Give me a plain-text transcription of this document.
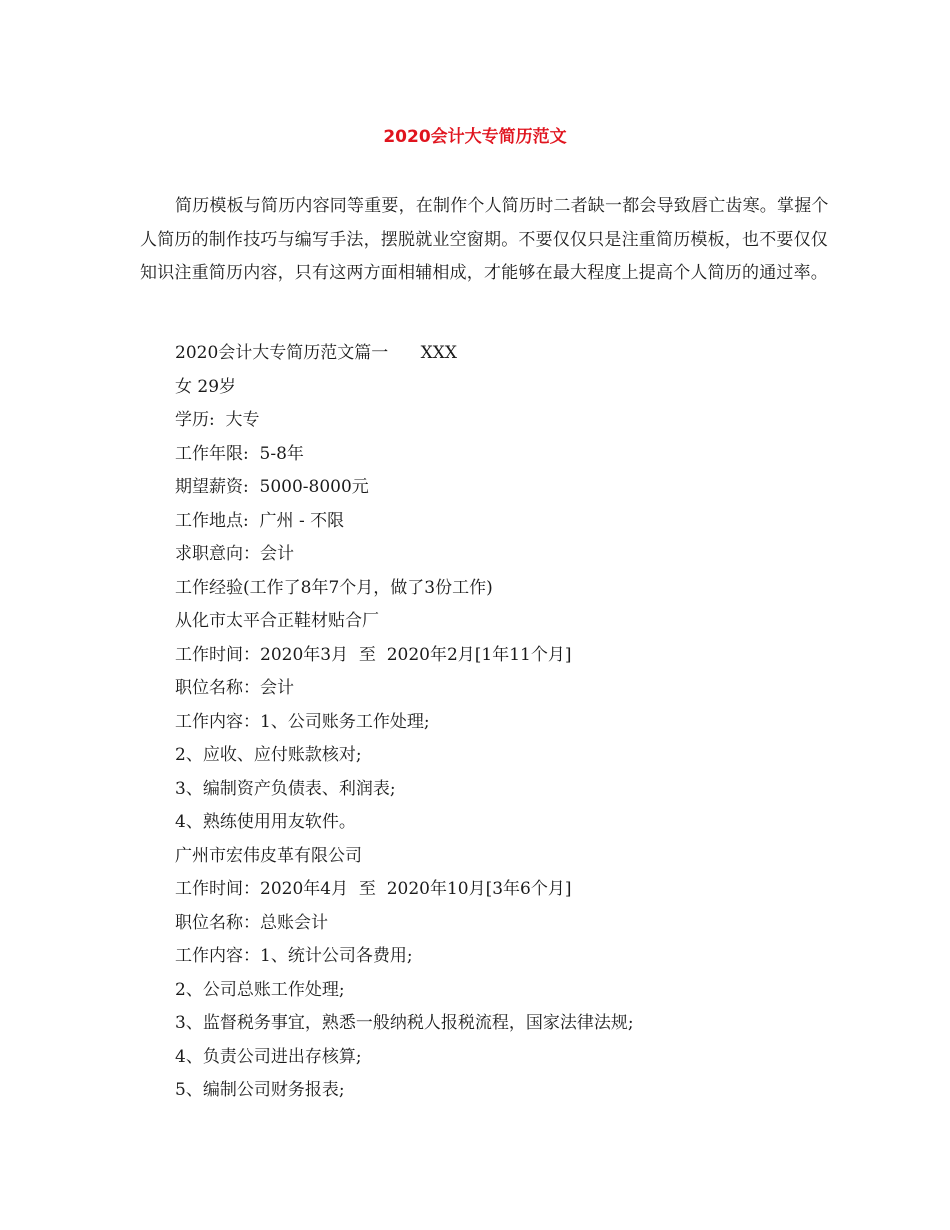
2020会计大专简历范文

简历模板与简历内容同等重要，在制作个人简历时二者缺一都会导致唇亡齿寒。掌握个人简历的制作技巧与编写手法，摆脱就业空窗期。不要仅仅只是注重简历模板，也不要仅仅知识注重简历内容，只有这两方面相辅相成，才能够在最大程度上提高个人简历的通过率。

2020会计大专简历范文篇一      XXX
女 29岁
学历:  大专
工作年限:  5-8年
期望薪资:  5000-8000元
工作地点:  广州 - 不限
求职意向：会计
工作经验(工作了8年7个月，做了3份工作)
从化市太平合正鞋材贴合厂
工作时间：2020年3月  至  2020年2月[1年11个月]
职位名称：会计
工作内容：1、公司账务工作处理;
2、应收、应付账款核对;
3、编制资产负债表、利润表;
4、熟练使用用友软件。
广州市宏伟皮革有限公司
工作时间：2020年4月  至  2020年10月[3年6个月]
职位名称：总账会计
工作内容：1、统计公司各费用;
2、公司总账工作处理;
3、监督税务事宜，熟悉一般纳税人报税流程，国家法律法规;
4、负责公司进出存核算;
5、编制公司财务报表;
